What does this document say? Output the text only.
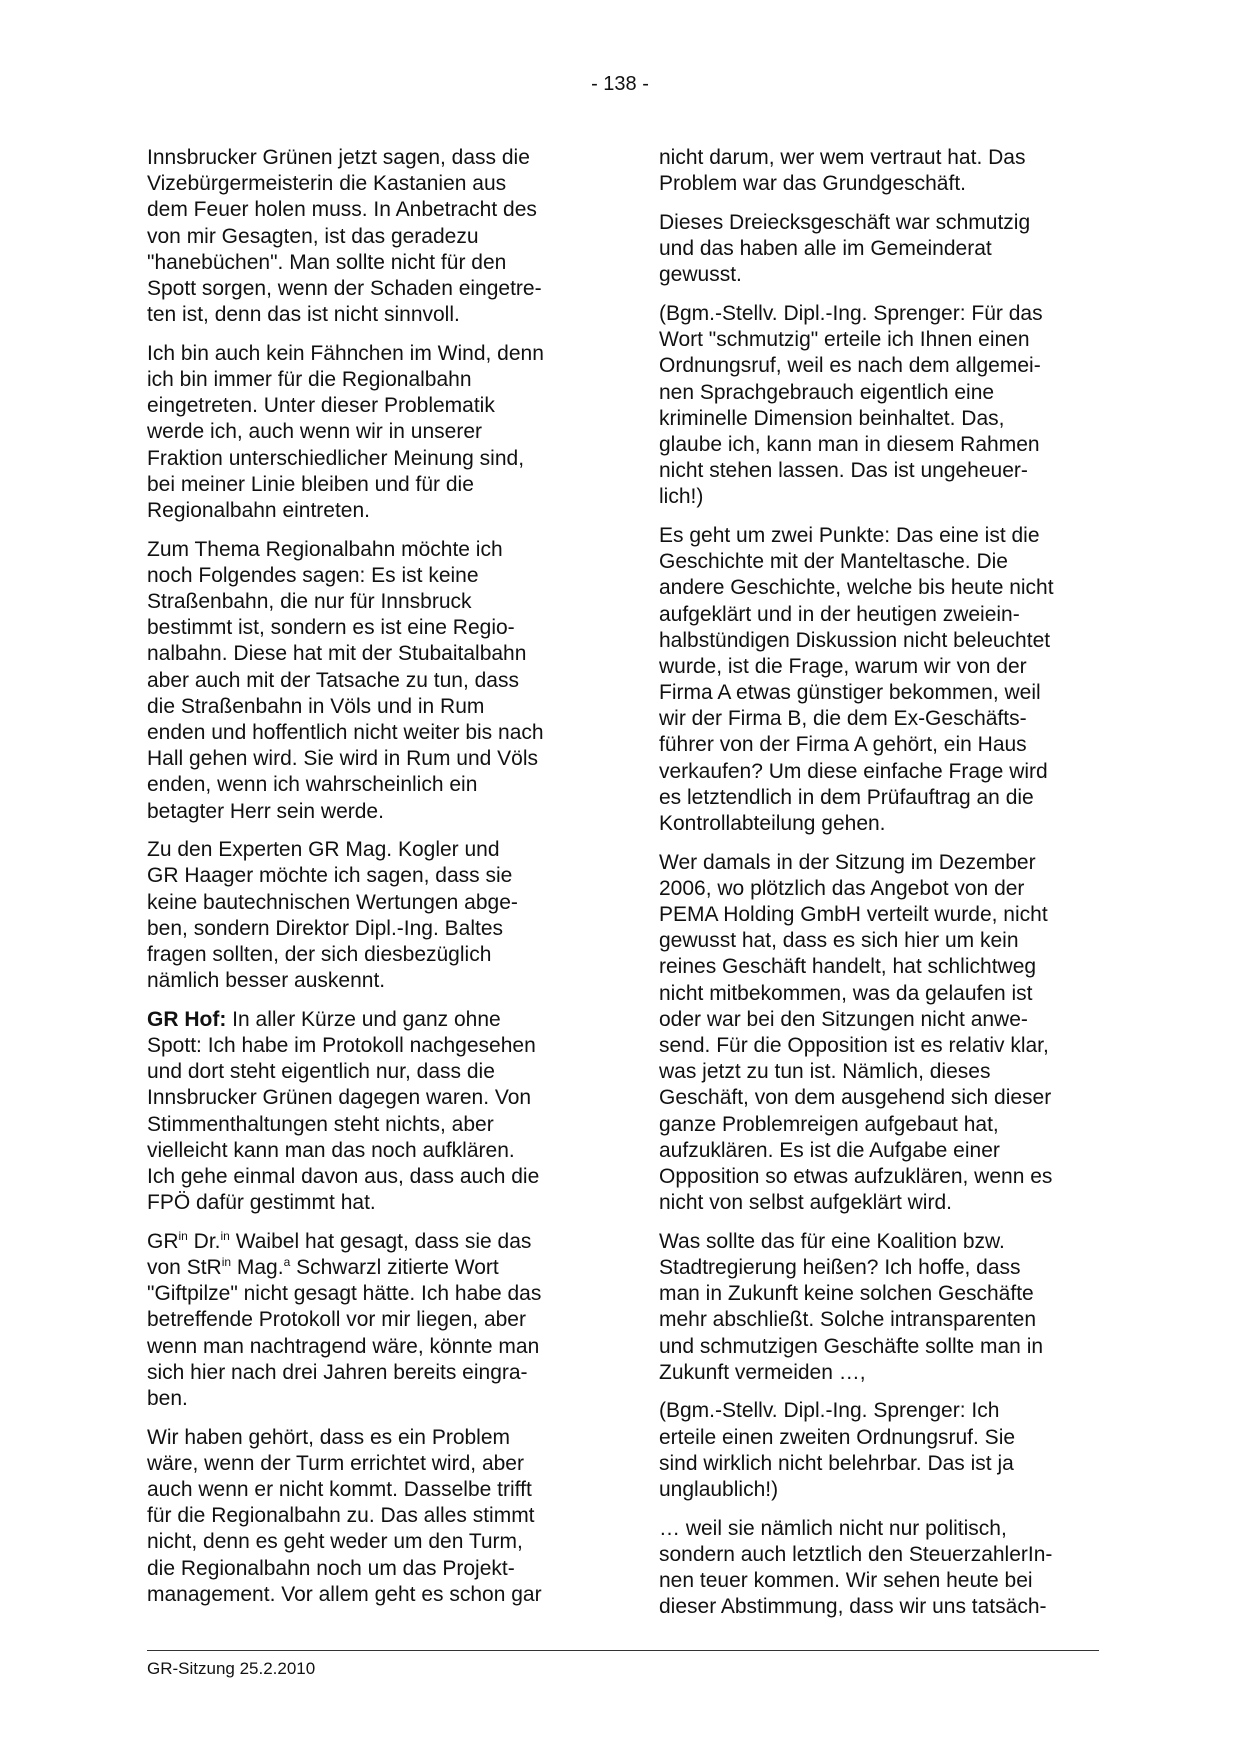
- 138 -

Innsbrucker Grünen jetzt sagen, dass die
Vizebürgermeisterin die Kastanien aus
dem Feuer holen muss. In Anbetracht des
von mir Gesagten, ist das geradezu
"hanebüchen". Man sollte nicht für den
Spott sorgen, wenn der Schaden eingetre-
ten ist, denn das ist nicht sinnvoll.

Ich bin auch kein Fähnchen im Wind, denn
ich bin immer für die Regionalbahn
eingetreten. Unter dieser Problematik
werde ich, auch wenn wir in unserer
Fraktion unterschiedlicher Meinung sind,
bei meiner Linie bleiben und für die
Regionalbahn eintreten.

Zum Thema Regionalbahn möchte ich
noch Folgendes sagen: Es ist keine
Straßenbahn, die nur für Innsbruck
bestimmt ist, sondern es ist eine Regio-
nalbahn. Diese hat mit der Stubaitalbahn
aber auch mit der Tatsache zu tun, dass
die Straßenbahn in Völs und in Rum
enden und hoffentlich nicht weiter bis nach
Hall gehen wird. Sie wird in Rum und Völs
enden, wenn ich wahrscheinlich ein
betagter Herr sein werde.

Zu den Experten GR Mag. Kogler und
GR Haager möchte ich sagen, dass sie
keine bautechnischen Wertungen abge-
ben, sondern Direktor Dipl.-Ing. Baltes
fragen sollten, der sich diesbezüglich
nämlich besser auskennt.

GR Hof: In aller Kürze und ganz ohne
Spott: Ich habe im Protokoll nachgesehen
und dort steht eigentlich nur, dass die
Innsbrucker Grünen dagegen waren. Von
Stimmenthaltungen steht nichts, aber
vielleicht kann man das noch aufklären.
Ich gehe einmal davon aus, dass auch die
FPÖ dafür gestimmt hat.

$GR^{in}$ Dr.$^{in}$ Waibel hat gesagt, dass sie das
von StR$^{in}$ Mag.$^a$ Schwarzl zitierte Wort
"Giftpilze" nicht gesagt hätte. Ich habe das
betreffende Protokoll vor mir liegen, aber
wenn man nachtragend wäre, könnte man
sich hier nach drei Jahren bereits eingra-
ben.

Wir haben gehört, dass es ein Problem
wäre, wenn der Turm errichtet wird, aber
auch wenn er nicht kommt. Dasselbe trifft
für die Regionalbahn zu. Das alles stimmt
nicht, denn es geht weder um den Turm,
die Regionalbahn noch um das Projekt-
management. Vor allem geht es schon gar

nicht darum, wer wem vertraut hat. Das
Problem war das Grundgeschäft.

Dieses Dreiecksgeschäft war schmutzig
und das haben alle im Gemeinderat
gewusst.

(Bgm.-Stellv. Dipl.-Ing. Sprenger: Für das
Wort "schmutzig" erteile ich Ihnen einen
Ordnungsruf, weil es nach dem allgemei-
nen Sprachgebrauch eigentlich eine
kriminelle Dimension beinhaltet. Das,
glaube ich, kann man in diesem Rahmen
nicht stehen lassen. Das ist ungeheuer-
lich!)

Es geht um zwei Punkte: Das eine ist die
Geschichte mit der Manteltasche. Die
andere Geschichte, welche bis heute nicht
aufgeklärt und in der heutigen zweiein-
halbstündigen Diskussion nicht beleuchtet
wurde, ist die Frage, warum wir von der
Firma A etwas günstiger bekommen, weil
wir der Firma B, die dem Ex-Geschäfts-
führer von der Firma A gehört, ein Haus
verkaufen? Um diese einfache Frage wird
es letztendlich in dem Prüfauftrag an die
Kontrollabteilung gehen.

Wer damals in der Sitzung im Dezember
2006, wo plötzlich das Angebot von der
PEMA Holding GmbH verteilt wurde, nicht
gewusst hat, dass es sich hier um kein
reines Geschäft handelt, hat schlichtweg
nicht mitbekommen, was da gelaufen ist
oder war bei den Sitzungen nicht anwe-
send. Für die Opposition ist es relativ klar,
was jetzt zu tun ist. Nämlich, dieses
Geschäft, von dem ausgehend sich dieser
ganze Problemreigen aufgebaut hat,
aufzuklären. Es ist die Aufgabe einer
Opposition so etwas aufzuklären, wenn es
nicht von selbst aufgeklärt wird.

Was sollte das für eine Koalition bzw.
Stadtregierung heißen? Ich hoffe, dass
man in Zukunft keine solchen Geschäfte
mehr abschließt. Solche intransparenten
und schmutzigen Geschäfte sollte man in
Zukunft vermeiden …,

(Bgm.-Stellv. Dipl.-Ing. Sprenger: Ich
erteile einen zweiten Ordnungsruf. Sie
sind wirklich nicht belehrbar. Das ist ja
unglaublich!)

… weil sie nämlich nicht nur politisch,
sondern auch letztlich den SteuerzahlerIn-
nen teuer kommen. Wir sehen heute bei
dieser Abstimmung, dass wir uns tatsäch-

GR-Sitzung 25.2.2010
